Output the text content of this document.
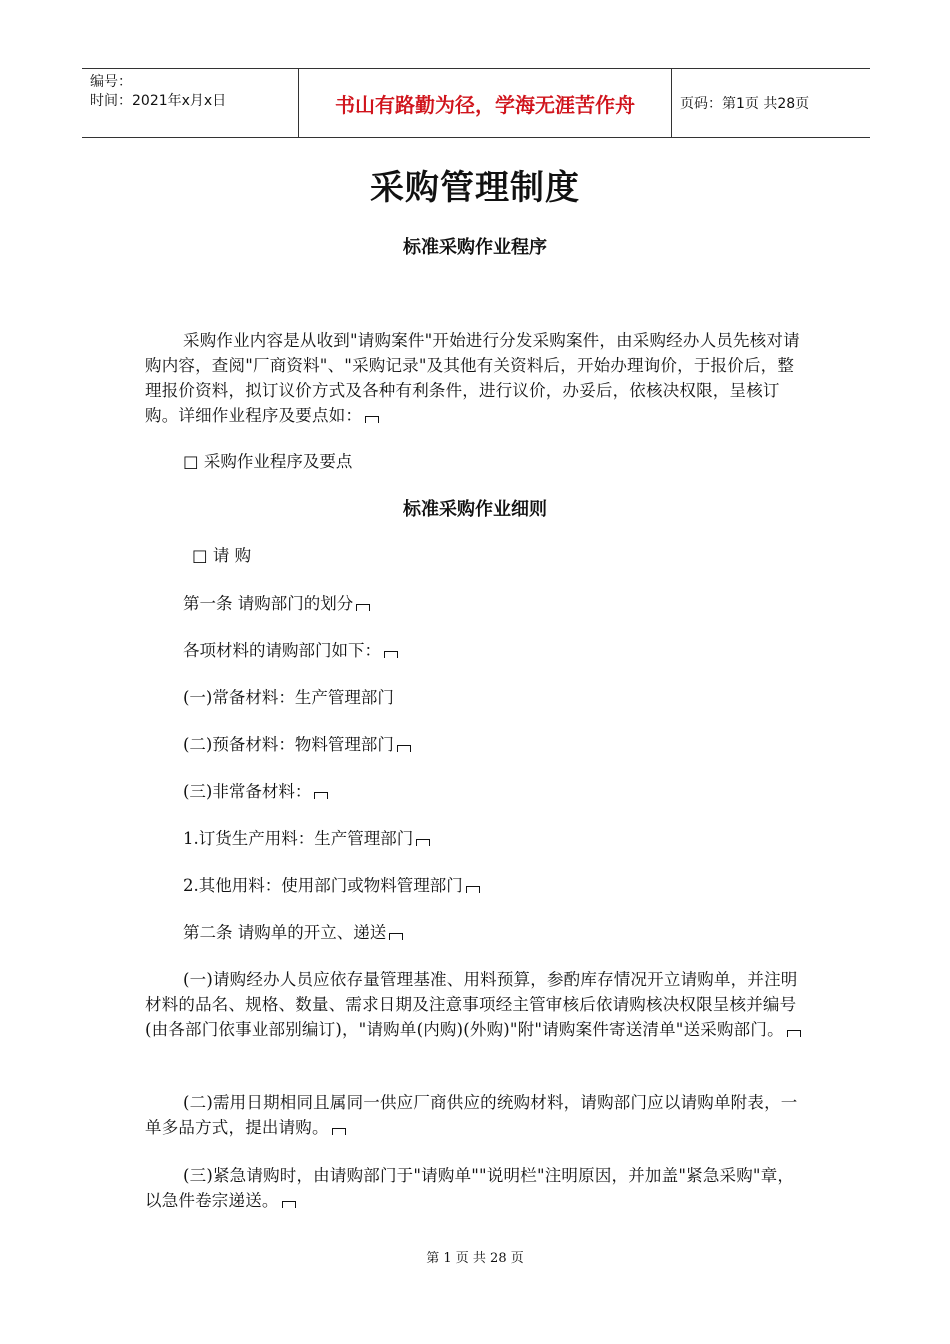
编号：
时间：2021年x月x日	书山有路勤为径，学海无涯苦作舟	页码：第1页 共28页
采购管理制度
标准采购作业程序
采购作业内容是从收到"请购案件"开始进行分发采购案件，由采购经办人员先核对请购内容，查阅"厂商资料"、"采购记录"及其他有关资料后，开始办理询价，于报价后，整理报价资料，拟订议价方式及各种有利条件，进行议价，办妥后，依核决权限，呈核订购。详细作业程序及要点如：
□ 采购作业程序及要点
标准采购作业细则
□ 请 购
第一条 请购部门的划分
各项材料的请购部门如下：
(一)常备材料：生产管理部门
(二)预备材料：物料管理部门
(三)非常备材料：
1.订货生产用料：生产管理部门
2.其他用料：使用部门或物料管理部门
第二条 请购单的开立、递送
(一)请购经办人员应依存量管理基准、用料预算，参酌库存情况开立请购单，并注明材料的品名、规格、数量、需求日期及注意事项经主管审核后依请购核决权限呈核并编号(由各部门依事业部别编订)，"请购单(内购)(外购)"附"请购案件寄送清单"送采购部门。
(二)需用日期相同且属同一供应厂商供应的统购材料，请购部门应以请购单附表，一单多品方式，提出请购。
(三)紧急请购时，由请购部门于"请购单""说明栏"注明原因，并加盖"紧急采购"章，以急件卷宗递送。
第 1 页 共 28 页
